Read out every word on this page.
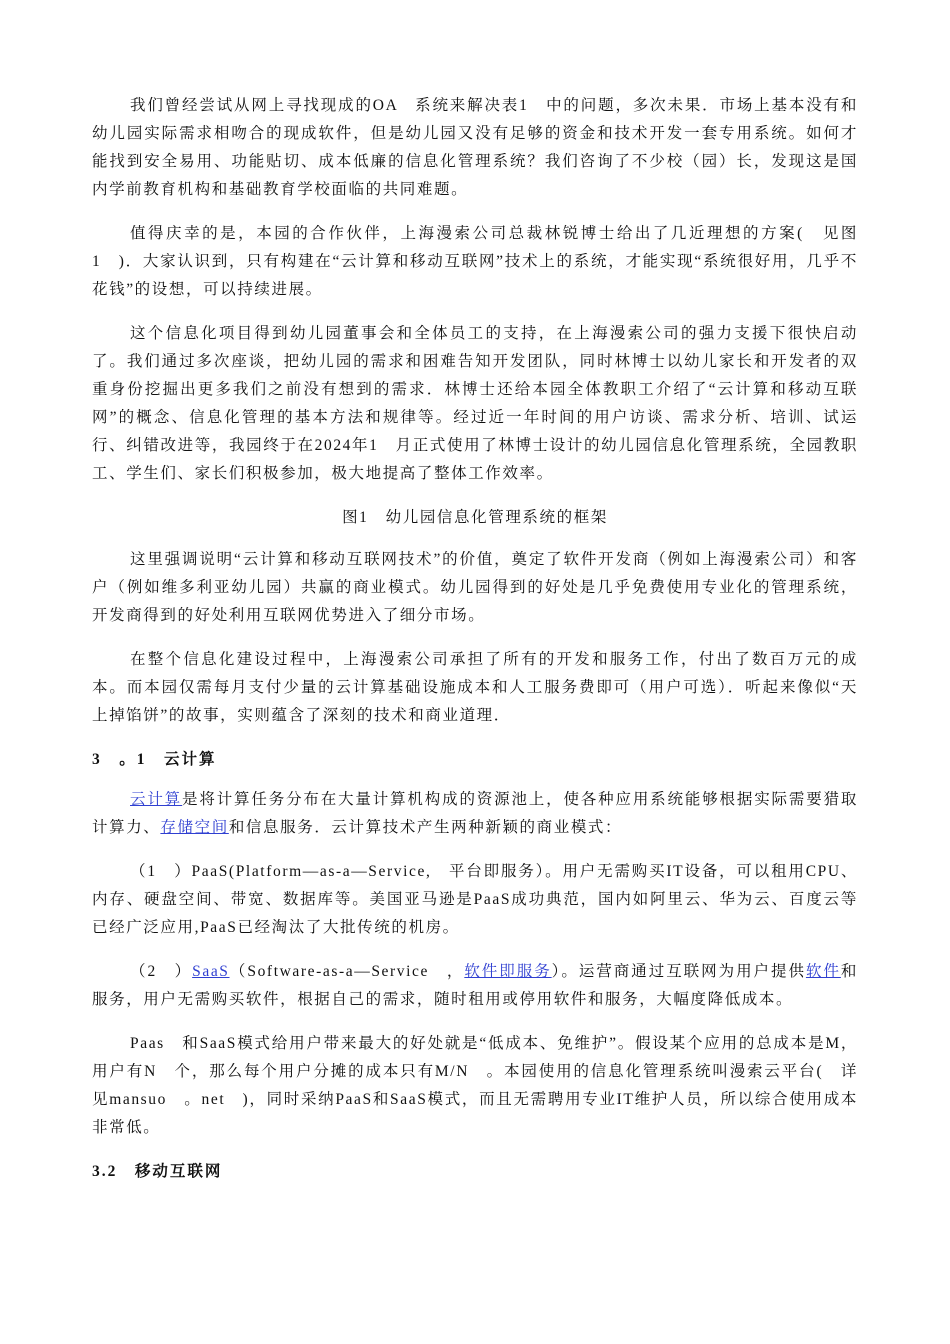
我们曾经尝试从网上寻找现成的OA　系统来解决表1　中的问题，多次未果．市场上基本没有和幼儿园实际需求相吻合的现成软件，但是幼儿园又没有足够的资金和技术开发一套专用系统。如何才能找到安全易用、功能贴切、成本低廉的信息化管理系统？我们咨询了不少校（园）长，发现这是国内学前教育机构和基础教育学校面临的共同难题。

值得庆幸的是，本园的合作伙伴，上海漫索公司总裁林锐博士给出了几近理想的方案(　见图1　)．大家认识到，只有构建在“云计算和移动互联网”技术上的系统，才能实现“系统很好用，几乎不花钱”的设想，可以持续进展。

这个信息化项目得到幼儿园董事会和全体员工的支持，在上海漫索公司的强力支援下很快启动了。我们通过多次座谈，把幼儿园的需求和困难告知开发团队，同时林博士以幼儿家长和开发者的双重身份挖掘出更多我们之前没有想到的需求．林博士还给本园全体教职工介绍了“云计算和移动互联网”的概念、信息化管理的基本方法和规律等。经过近一年时间的用户访谈、需求分析、培训、试运行、纠错改进等，我园终于在2024年1　月正式使用了林博士设计的幼儿园信息化管理系统，全园教职工、学生们、家长们积极参加，极大地提高了整体工作效率。

图1　幼儿园信息化管理系统的框架

这里强调说明“云计算和移动互联网技术”的价值，奠定了软件开发商（例如上海漫索公司）和客户（例如维多利亚幼儿园）共赢的商业模式。幼儿园得到的好处是几乎免费使用专业化的管理系统，开发商得到的好处利用互联网优势进入了细分市场。

在整个信息化建设过程中，上海漫索公司承担了所有的开发和服务工作，付出了数百万元的成本。而本园仅需每月支付少量的云计算基础设施成本和人工服务费即可（用户可选）．听起来像似“天上掉馅饼”的故事，实则蕴含了深刻的技术和商业道理．

3　。1　云计算

云计算是将计算任务分布在大量计算机构成的资源池上，使各种应用系统能够根据实际需要猎取计算力、存储空间和信息服务．云计算技术产生两种新颖的商业模式：

（1　）PaaS(Platform—as-a—Service,　平台即服务）。用户无需购买IT设备，可以租用CPU、内存、硬盘空间、带宽、数据库等。美国亚马逊是PaaS成功典范，国内如阿里云、华为云、百度云等已经广泛应用,PaaS已经淘汰了大批传统的机房。

（2　）SaaS（Software-as-a—Service　，软件即服务）。运营商通过互联网为用户提供软件和服务，用户无需购买软件，根据自己的需求，随时租用或停用软件和服务，大幅度降低成本。

Paas　和SaaS模式给用户带来最大的好处就是“低成本、免维护”。假设某个应用的总成本是M，用户有N　个，那么每个用户分摊的成本只有M/N　。本园使用的信息化管理系统叫漫索云平台(　详见mansuo　。net　)，同时采纳PaaS和SaaS模式，而且无需聘用专业IT维护人员，所以综合使用成本非常低。

3.2　移动互联网
